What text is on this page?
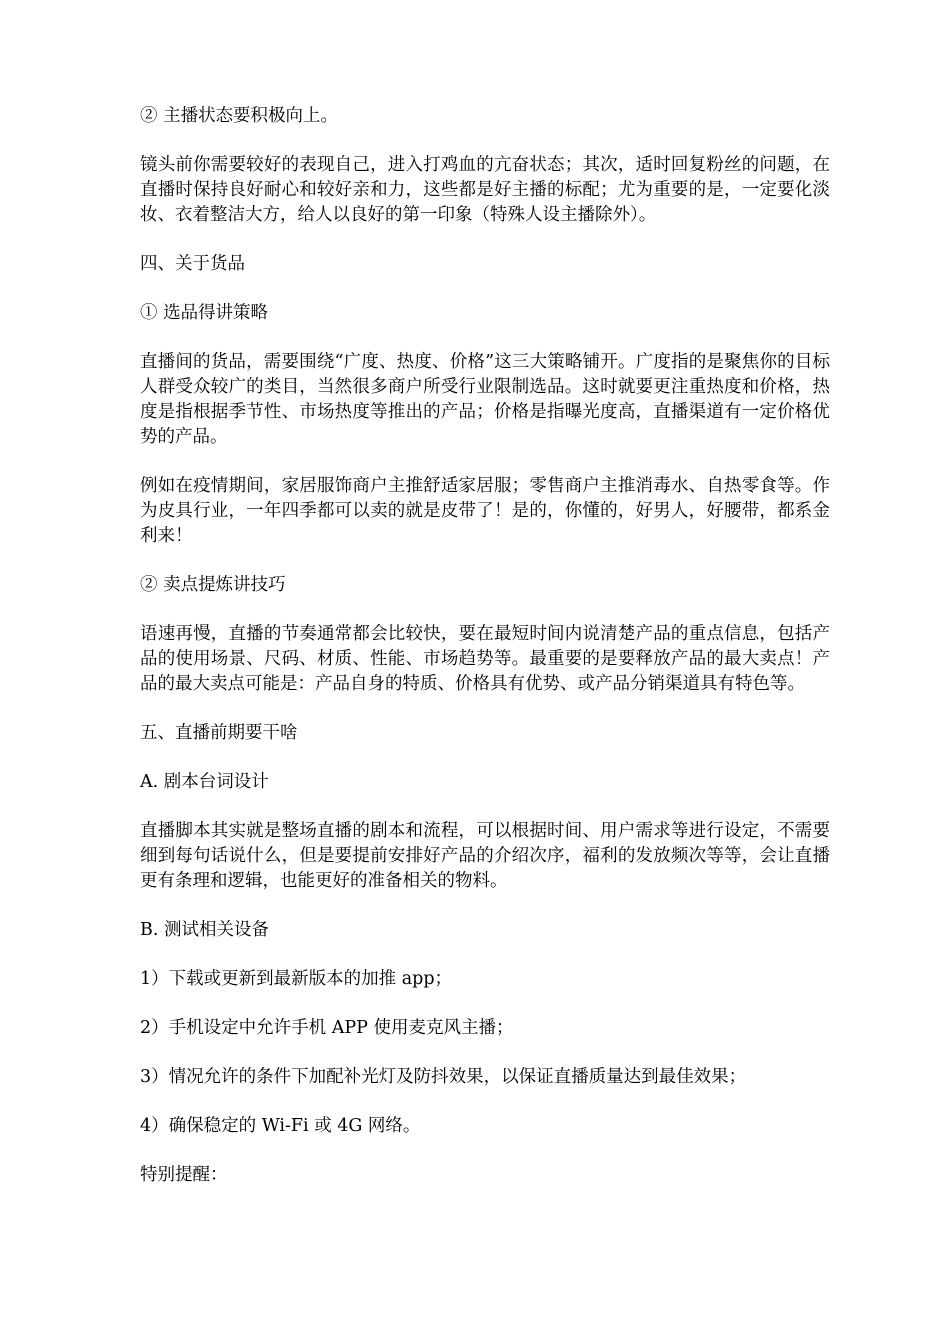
② 主播状态要积极向上。

镜头前你需要较好的表现自己，进入打鸡血的亢奋状态；其次，适时回复粉丝的问题，在直播时保持良好耐心和较好亲和力，这些都是好主播的标配；尤为重要的是，一定要化淡妆、衣着整洁大方，给人以良好的第一印象（特殊人设主播除外）。

四、关于货品

① 选品得讲策略

直播间的货品，需要围绕“广度、热度、价格”这三大策略铺开。广度指的是聚焦你的目标人群受众较广的类目，当然很多商户所受行业限制选品。这时就要更注重热度和价格，热度是指根据季节性、市场热度等推出的产品；价格是指曝光度高，直播渠道有一定价格优势的产品。

例如在疫情期间，家居服饰商户主推舒适家居服；零售商户主推消毒水、自热零食等。作为皮具行业，一年四季都可以卖的就是皮带了！是的，你懂的，好男人，好腰带，都系金利来！

② 卖点提炼讲技巧

语速再慢，直播的节奏通常都会比较快，要在最短时间内说清楚产品的重点信息，包括产品的使用场景、尺码、材质、性能、市场趋势等。最重要的是要释放产品的最大卖点！产品的最大卖点可能是：产品自身的特质、价格具有优势、或产品分销渠道具有特色等。

五、直播前期要干啥

A. 剧本台词设计

直播脚本其实就是整场直播的剧本和流程，可以根据时间、用户需求等进行设定，不需要细到每句话说什么，但是要提前安排好产品的介绍次序，福利的发放频次等等，会让直播更有条理和逻辑，也能更好的准备相关的物料。

B. 测试相关设备

1）下载或更新到最新版本的加推 app；

2）手机设定中允许手机 APP 使用麦克风主播；

3）情况允许的条件下加配补光灯及防抖效果，以保证直播质量达到最佳效果；

4）确保稳定的 Wi-Fi 或 4G 网络。

特别提醒：
